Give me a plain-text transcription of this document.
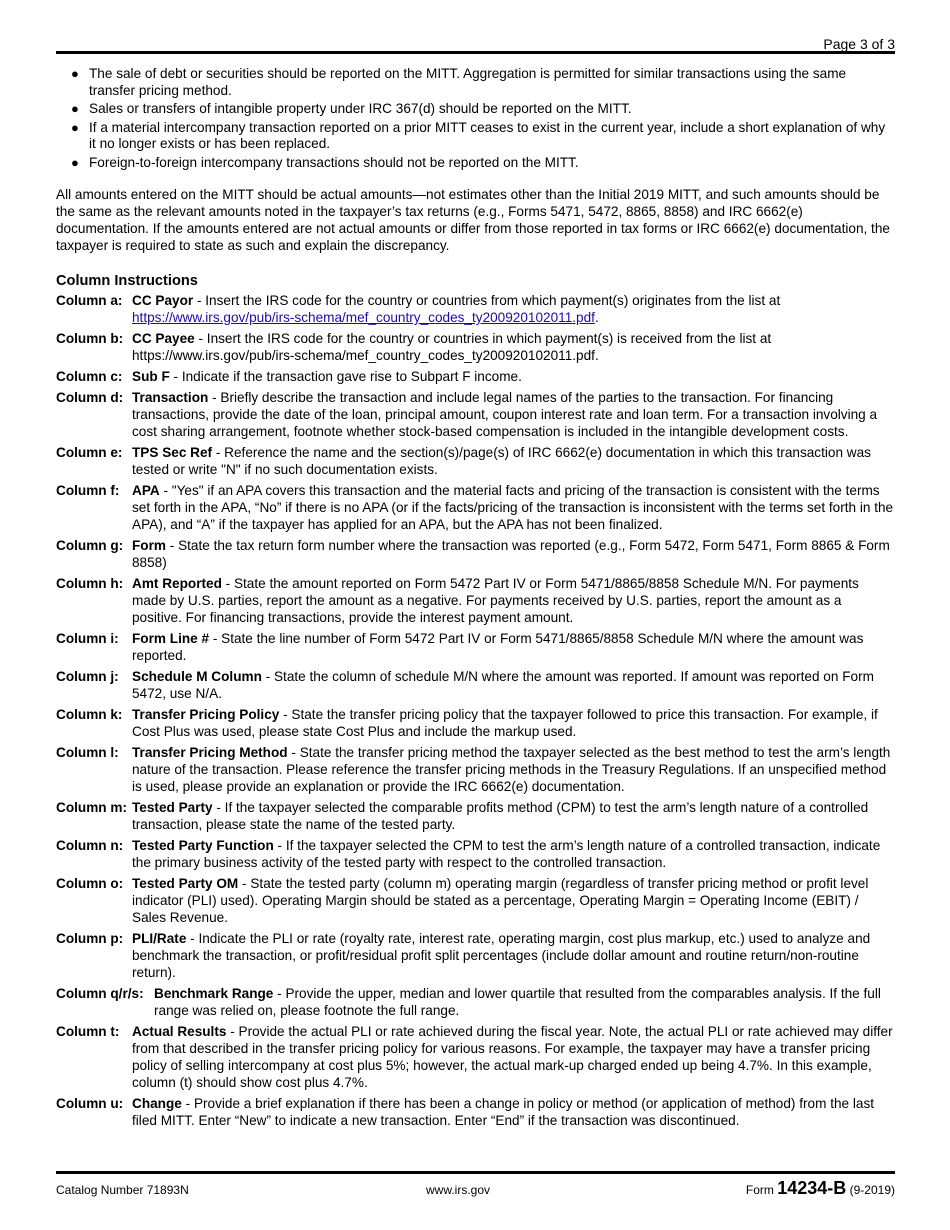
Page 3 of 3
● The sale of debt or securities should be reported on the MITT. Aggregation is permitted for similar transactions using the same transfer pricing method.
● Sales or transfers of intangible property under IRC 367(d) should be reported on the MITT.
● If a material intercompany transaction reported on a prior MITT ceases to exist in the current year, include a short explanation of why it no longer exists or has been replaced.
● Foreign-to-foreign intercompany transactions should not be reported on the MITT.

All amounts entered on the MITT should be actual amounts—not estimates other than the Initial 2019 MITT, and such amounts should be the same as the relevant amounts noted in the taxpayer’s tax returns (e.g., Forms 5471, 5472, 8865, 8858) and IRC 6662(e) documentation. If the amounts entered are not actual amounts or differ from those reported in tax forms or IRC 6662(e) documentation, the taxpayer is required to state as such and explain the discrepancy.

Column Instructions
Column a: CC Payor - Insert the IRS code for the country or countries from which payment(s) originates from the list at https://www.irs.gov/pub/irs-schema/mef_country_codes_ty200920102011.pdf.
Column b: CC Payee - Insert the IRS code for the country or countries in which payment(s) is received from the list at https://www.irs.gov/pub/irs-schema/mef_country_codes_ty200920102011.pdf.
Column c: Sub F - Indicate if the transaction gave rise to Subpart F income.
Column d: Transaction - Briefly describe the transaction and include legal names of the parties to the transaction. For financing transactions, provide the date of the loan, principal amount, coupon interest rate and loan term. For a transaction involving a cost sharing arrangement, footnote whether stock-based compensation is included in the intangible development costs.
Column e: TPS Sec Ref - Reference the name and the section(s)/page(s) of IRC 6662(e) documentation in which this transaction was tested or write "N" if no such documentation exists.
Column f: APA - "Yes" if an APA covers this transaction and the material facts and pricing of the transaction is consistent with the terms set forth in the APA, “No” if there is no APA (or if the facts/pricing of the transaction is inconsistent with the terms set forth in the APA), and “A” if the taxpayer has applied for an APA, but the APA has not been finalized.
Column g: Form - State the tax return form number where the transaction was reported (e.g., Form 5472, Form 5471, Form 8865 & Form 8858)
Column h: Amt Reported - State the amount reported on Form 5472 Part IV or Form 5471/8865/8858 Schedule M/N. For payments made by U.S. parties, report the amount as a negative. For payments received by U.S. parties, report the amount as a positive. For financing transactions, provide the interest payment amount.
Column i: Form Line # - State the line number of Form 5472 Part IV or Form 5471/8865/8858 Schedule M/N where the amount was reported.
Column j: Schedule M Column - State the column of schedule M/N where the amount was reported. If amount was reported on Form 5472, use N/A.
Column k: Transfer Pricing Policy - State the transfer pricing policy that the taxpayer followed to price this transaction. For example, if Cost Plus was used, please state Cost Plus and include the markup used.
Column l: Transfer Pricing Method - State the transfer pricing method the taxpayer selected as the best method to test the arm’s length nature of the transaction. Please reference the transfer pricing methods in the Treasury Regulations. If an unspecified method is used, please provide an explanation or provide the IRC 6662(e) documentation.
Column m: Tested Party - If the taxpayer selected the comparable profits method (CPM) to test the arm’s length nature of a controlled transaction, please state the name of the tested party.
Column n: Tested Party Function - If the taxpayer selected the CPM to test the arm’s length nature of a controlled transaction, indicate the primary business activity of the tested party with respect to the controlled transaction.
Column o: Tested Party OM - State the tested party (column m) operating margin (regardless of transfer pricing method or profit level indicator (PLI) used). Operating Margin should be stated as a percentage, Operating Margin = Operating Income (EBIT) / Sales Revenue.
Column p: PLI/Rate - Indicate the PLI or rate (royalty rate, interest rate, operating margin, cost plus markup, etc.) used to analyze and benchmark the transaction, or profit/residual profit split percentages (include dollar amount and routine return/non-routine return).
Column q/r/s: Benchmark Range - Provide the upper, median and lower quartile that resulted from the comparables analysis. If the full range was relied on, please footnote the full range.
Column t: Actual Results - Provide the actual PLI or rate achieved during the fiscal year. Note, the actual PLI or rate achieved may differ from that described in the transfer pricing policy for various reasons. For example, the taxpayer may have a transfer pricing policy of selling intercompany at cost plus 5%; however, the actual mark-up charged ended up being 4.7%. In this example, column (t) should show cost plus 4.7%.
Column u: Change - Provide a brief explanation if there has been a change in policy or method (or application of method) from the last filed MITT. Enter “New” to indicate a new transaction. Enter “End” if the transaction was discontinued.
Catalog Number 71893N	www.irs.gov	Form 14234-B (9-2019)
